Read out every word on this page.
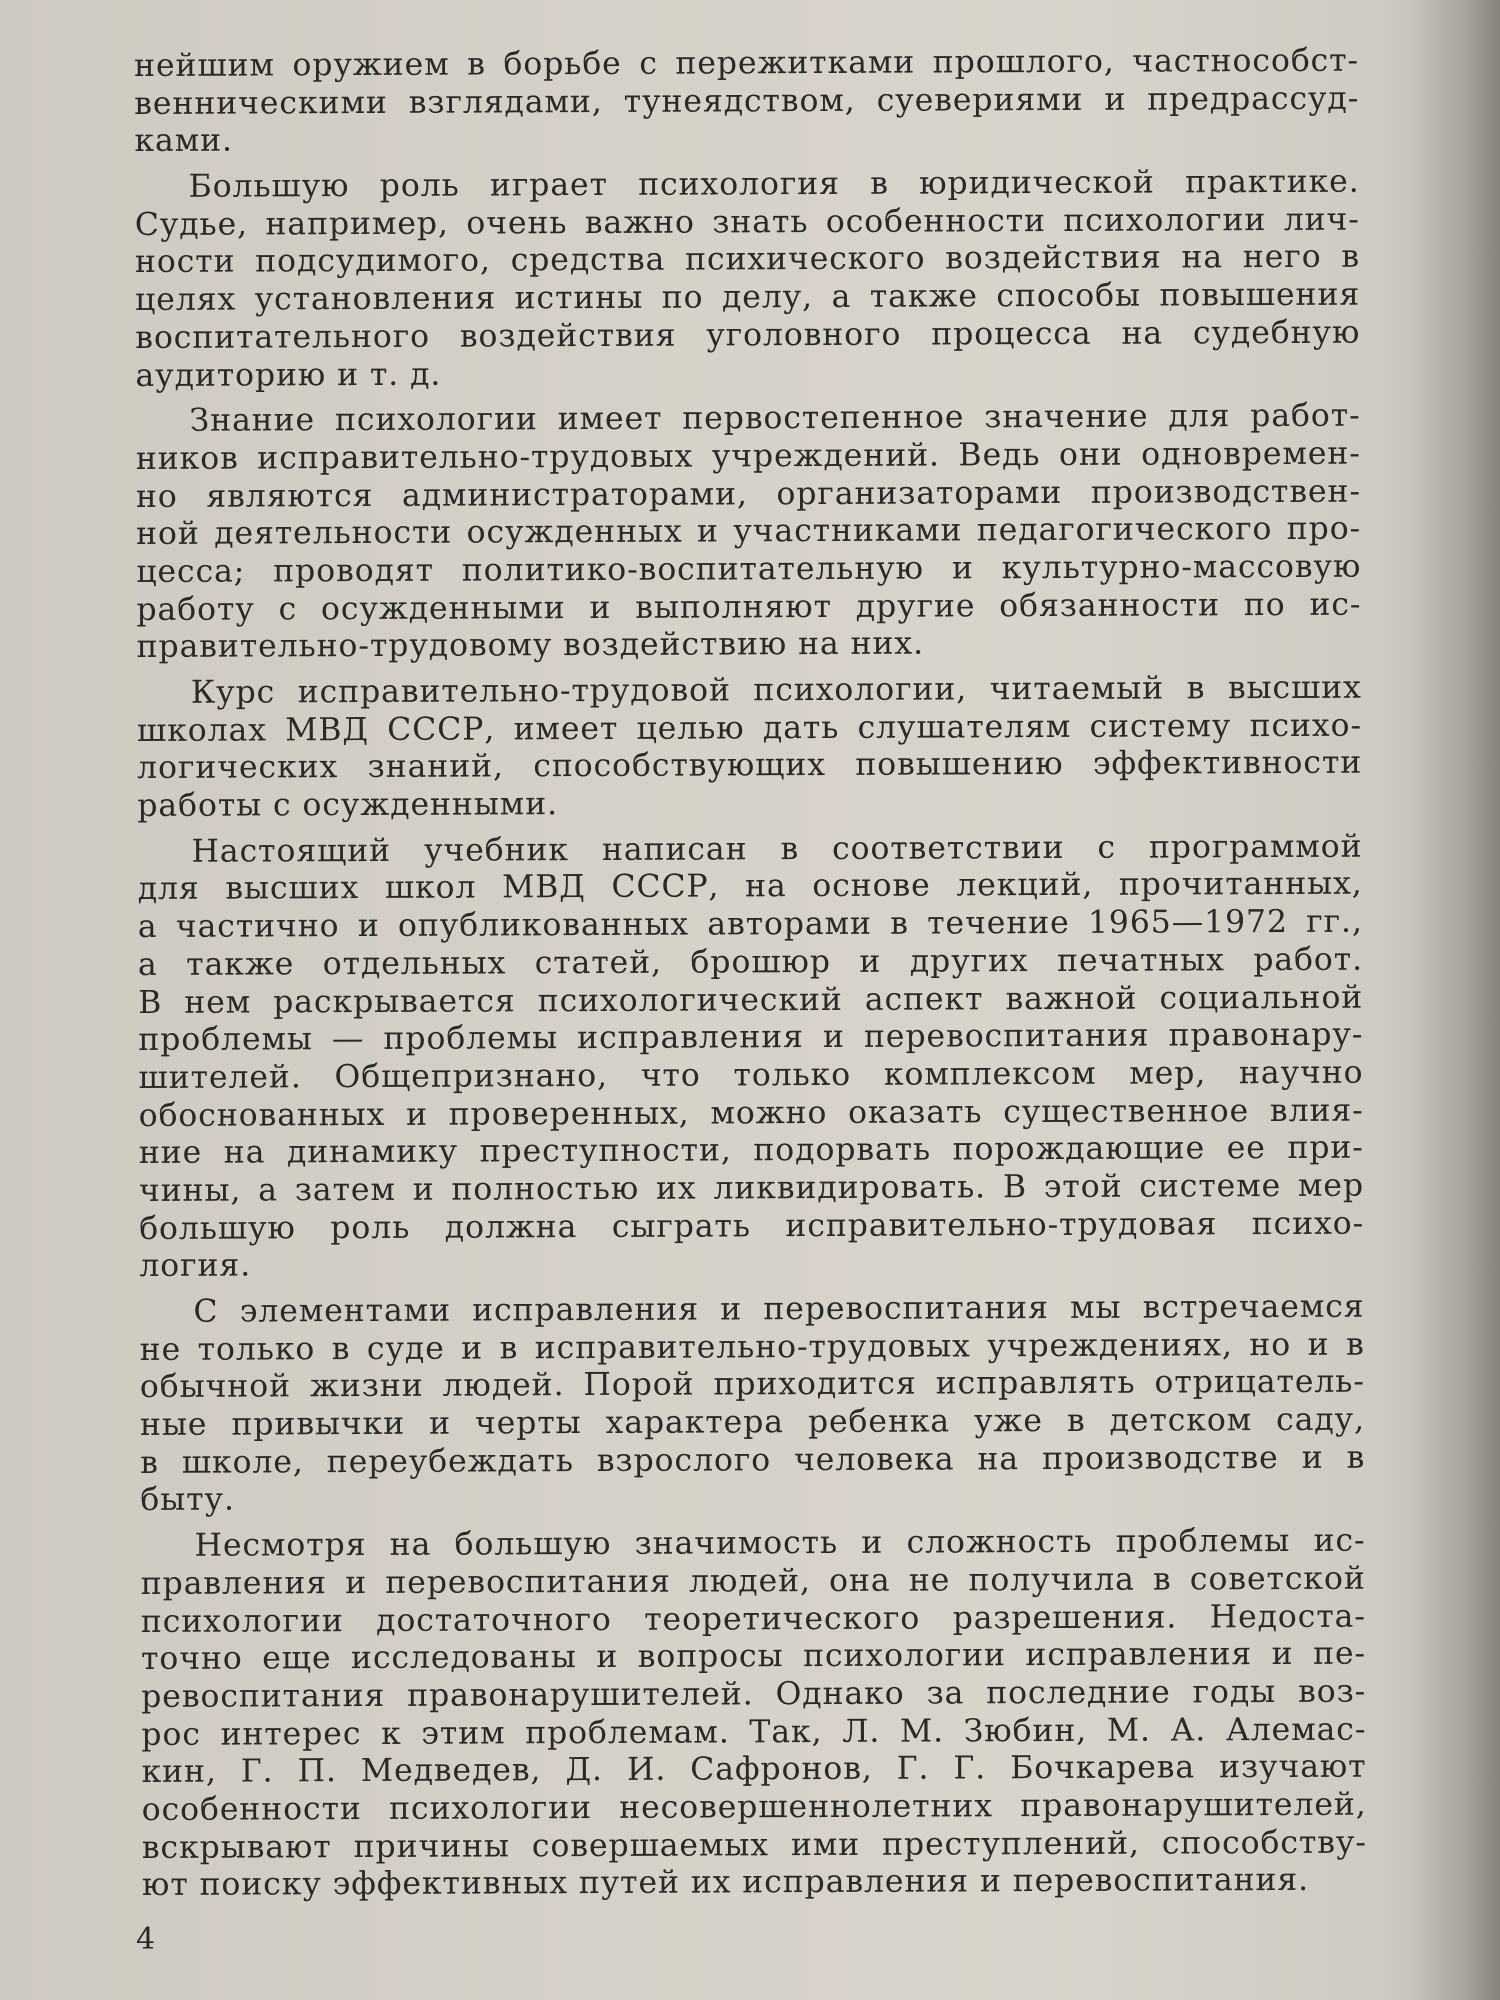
нейшим оружием в борьбе с пережитками прошлого, частнособст-
венническими взглядами, тунеядством, суевериями и предрассуд-
ками.
Большую роль играет психология в юридической практике.
Судье, например, очень важно знать особенности психологии лич-
ности подсудимого, средства психического воздействия на него в
целях установления истины по делу, а также способы повышения
воспитательного воздействия уголовного процесса на судебную
аудиторию и т. д.
Знание психологии имеет первостепенное значение для работ-
ников исправительно-трудовых учреждений. Ведь они одновремен-
но являются администраторами, организаторами производствен-
ной деятельности осужденных и участниками педагогического про-
цесса; проводят политико-воспитательную и культурно-массовую
работу с осужденными и выполняют другие обязанности по ис-
правительно-трудовому воздействию на них.
Курс исправительно-трудовой психологии, читаемый в высших
школах МВД СССР, имеет целью дать слушателям систему психо-
логических знаний, способствующих повышению эффективности
работы с осужденными.
Настоящий учебник написан в соответствии с программой
для высших школ МВД СССР, на основе лекций, прочитанных,
а частично и опубликованных авторами в течение 1965—1972 гг.,
а также отдельных статей, брошюр и других печатных работ.
В нем раскрывается психологический аспект важной социальной
проблемы — проблемы исправления и перевоспитания правонару-
шителей. Общепризнано, что только комплексом мер, научно
обоснованных и проверенных, можно оказать существенное влия-
ние на динамику преступности, подорвать порождающие ее при-
чины, а затем и полностью их ликвидировать. В этой системе мер
большую роль должна сыграть исправительно-трудовая психо-
логия.
С элементами исправления и перевоспитания мы встречаемся
не только в суде и в исправительно-трудовых учреждениях, но и в
обычной жизни людей. Порой приходится исправлять отрицатель-
ные привычки и черты характера ребенка уже в детском саду,
в школе, переубеждать взрослого человека на производстве и в
быту.
Несмотря на большую значимость и сложность проблемы ис-
правления и перевоспитания людей, она не получила в советской
психологии достаточного теоретического разрешения. Недоста-
точно еще исследованы и вопросы психологии исправления и пе-
ревоспитания правонарушителей. Однако за последние годы воз-
рос интерес к этим проблемам. Так, Л. М. Зюбин, М. А. Алемас-
кин, Г. П. Медведев, Д. И. Сафронов, Г. Г. Бочкарева изучают
особенности психологии несовершеннолетних правонарушителей,
вскрывают причины совершаемых ими преступлений, способству-
ют поиску эффективных путей их исправления и перевоспитания.
4
